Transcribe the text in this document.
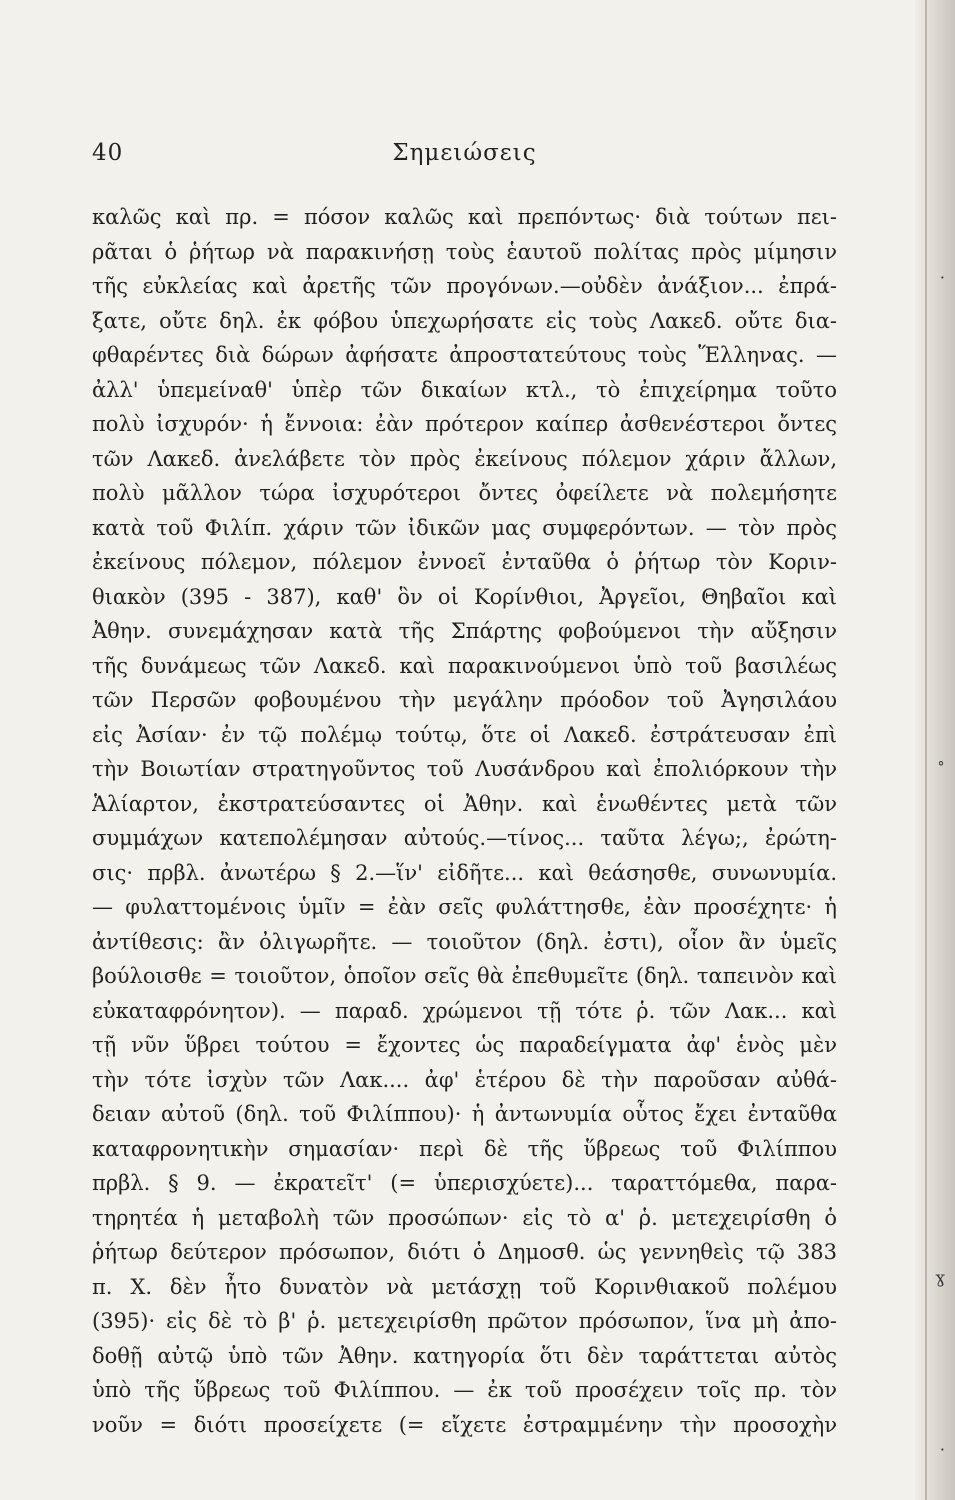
40	Σημειώσεις
καλῶς καὶ πρ. = πόσον καλῶς καὶ πρεπόντως· διὰ τούτων πει-
ρᾶται ὁ ῥήτωρ νὰ παρακινήσῃ τοὺς ἑαυτοῦ πολίτας πρὸς μίμησιν
τῆς εὐκλείας καὶ ἀρετῆς τῶν προγόνων.—οὐδὲν ἀνάξιον... ἐπρά-
ξατε, οὔτε δηλ. ἐκ φόβου ὑπεχωρήσατε εἰς τοὺς Λακεδ. οὔτε δια-
φθαρέντες διὰ δώρων ἀφήσατε ἀπροστατεύτους τοὺς Ἕλληνας. —
ἀλλ' ὑπεμείναθ' ὑπὲρ τῶν δικαίων κτλ., τὸ ἐπιχείρημα τοῦτο
πολὺ ἰσχυρόν· ἡ ἔννοια: ἐὰν πρότερον καίπερ ἀσθενέστεροι ὄντες
τῶν Λακεδ. ἀνελάβετε τὸν πρὸς ἐκείνους πόλεμον χάριν ἄλλων,
πολὺ μᾶλλον τώρα ἰσχυρότεροι ὄντες ὀφείλετε νὰ πολεμήσητε
κατὰ τοῦ Φιλίπ. χάριν τῶν ἰδικῶν μας συμφερόντων. — τὸν πρὸς
ἐκείνους πόλεμον, πόλεμον ἐννοεῖ ἐνταῦθα ὁ ῥήτωρ τὸν Κοριν-
θιακὸν (395 - 387), καθ' ὃν οἱ Κορίνθιοι, Ἀργεῖοι, Θηβαῖοι καὶ
Ἀθην. συνεμάχησαν κατὰ τῆς Σπάρτης φοβούμενοι τὴν αὔξησιν
τῆς δυνάμεως τῶν Λακεδ. καὶ παρακινούμενοι ὑπὸ τοῦ βασιλέως
τῶν Περσῶν φοβουμένου τὴν μεγάλην πρόοδον τοῦ Ἀγησιλάου
εἰς Ἀσίαν· ἐν τῷ πολέμῳ τούτῳ, ὅτε οἱ Λακεδ. ἐστράτευσαν ἐπὶ
τὴν Βοιωτίαν στρατηγοῦντος τοῦ Λυσάνδρου καὶ ἐπολιόρκουν τὴν
Ἁλίαρτον, ἐκστρατεύσαντες οἱ Ἀθην. καὶ ἑνωθέντες μετὰ τῶν
συμμάχων κατεπολέμησαν αὐτούς.—τίνος... ταῦτα λέγω;, ἐρώτη-
σις· πρβλ. ἀνωτέρω § 2.—ἵν' εἰδῆτε... καὶ θεάσησθε, συνωνυμία.
— φυλαττομένοις ὑμῖν = ἐὰν σεῖς φυλάττησθε, ἐὰν προσέχητε· ἡ
ἀντίθεσις: ἂν ὀλιγωρῆτε. — τοιοῦτον (δηλ. ἐστι), οἷον ἂν ὑμεῖς
βούλοισθε = τοιοῦτον, ὁποῖον σεῖς θὰ ἐπεθυμεῖτε (δηλ. ταπεινὸν καὶ
εὐκαταφρόνητον). — παραδ. χρώμενοι τῇ τότε ῥ. τῶν Λακ... καὶ
τῇ νῦν ὕβρει τούτου = ἔχοντες ὡς παραδείγματα ἀφ' ἑνὸς μὲν
τὴν τότε ἰσχὺν τῶν Λακ.... ἀφ' ἑτέρου δὲ τὴν παροῦσαν αὐθά-
δειαν αὐτοῦ (δηλ. τοῦ Φιλίππου)· ἡ ἀντωνυμία οὗτος ἔχει ἐνταῦθα
καταφρονητικὴν σημασίαν· περὶ δὲ τῆς ὕβρεως τοῦ Φιλίππου
πρβλ. § 9. — ἐκρατεῖτ' (= ὑπερισχύετε)... ταραττόμεθα, παρα-
τηρητέα ἡ μεταβολὴ τῶν προσώπων· εἰς τὸ α' ῥ. μετεχειρίσθη ὁ
ῥήτωρ δεύτερον πρόσωπον, διότι ὁ Δημοσθ. ὡς γεννηθεὶς τῷ 383
π. Χ. δὲν ἦτο δυνατὸν νὰ μετάσχῃ τοῦ Κορινθιακοῦ πολέμου
(395)· εἰς δὲ τὸ β' ῥ. μετεχειρίσθη πρῶτον πρόσωπον, ἵνα μὴ ἀπο-
δοθῇ αὐτῷ ὑπὸ τῶν Ἀθην. κατηγορία ὅτι δὲν ταράττεται αὐτὸς
ὑπὸ τῆς ὕβρεως τοῦ Φιλίππου. — ἐκ τοῦ προσέχειν τοῖς πρ. τὸν
νοῦν = διότι προσείχετε (= εἴχετε ἐστραμμένην τὴν προσοχὴν
·
˚
ɣ
·
